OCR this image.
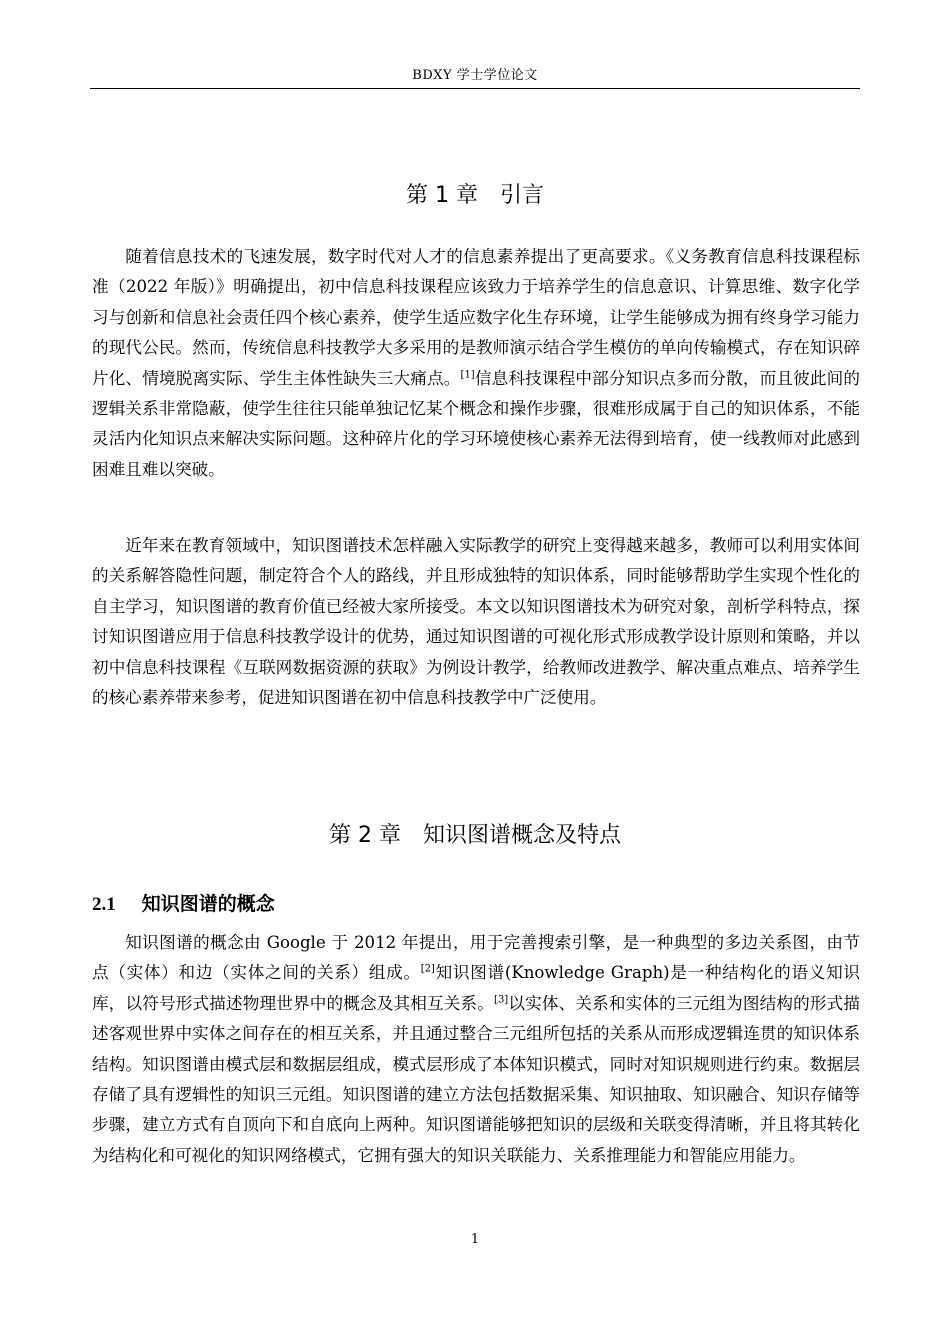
BDXY 学士学位论文
第 1 章　引言

随着信息技术的飞速发展，数字时代对人才的信息素养提出了更高要求。《义务教育信息科技课程标准（2022 年版）》明确提出，初中信息科技课程应该致力于培养学生的信息意识、计算思维、数字化学习与创新和信息社会责任四个核心素养，使学生适应数字化生存环境，让学生能够成为拥有终身学习能力的现代公民。然而，传统信息科技教学大多采用的是教师演示结合学生模仿的单向传输模式，存在知识碎片化、情境脱离实际、学生主体性缺失三大痛点。[1]信息科技课程中部分知识点多而分散，而且彼此间的逻辑关系非常隐蔽，使学生往往只能单独记忆某个概念和操作步骤，很难形成属于自己的知识体系，不能灵活内化知识点来解决实际问题。这种碎片化的学习环境使核心素养无法得到培育，使一线教师对此感到困难且难以突破。

近年来在教育领域中，知识图谱技术怎样融入实际教学的研究上变得越来越多，教师可以利用实体间的关系解答隐性问题，制定符合个人的路线，并且形成独特的知识体系，同时能够帮助学生实现个性化的自主学习，知识图谱的教育价值已经被大家所接受。本文以知识图谱技术为研究对象，剖析学科特点，探讨知识图谱应用于信息科技教学设计的优势，通过知识图谱的可视化形式形成教学设计原则和策略，并以初中信息科技课程《互联网数据资源的获取》为例设计教学，给教师改进教学、解决重点难点、培养学生的核心素养带来参考，促进知识图谱在初中信息科技教学中广泛使用。

第 2 章　知识图谱概念及特点
2.1 知识图谱的概念

知识图谱的概念由 Google 于 2012 年提出，用于完善搜索引擎，是一种典型的多边关系图，由节点（实体）和边（实体之间的关系）组成。[2]知识图谱(Knowledge Graph)是一种结构化的语义知识库，以符号形式描述物理世界中的概念及其相互关系。[3]以实体、关系和实体的三元组为图结构的形式描述客观世界中实体之间存在的相互关系，并且通过整合三元组所包括的关系从而形成逻辑连贯的知识体系结构。知识图谱由模式层和数据层组成，模式层形成了本体知识模式，同时对知识规则进行约束。数据层存储了具有逻辑性的知识三元组。知识图谱的建立方法包括数据采集、知识抽取、知识融合、知识存储等步骤，建立方式有自顶向下和自底向上两种。知识图谱能够把知识的层级和关联变得清晰，并且将其转化为结构化和可视化的知识网络模式，它拥有强大的知识关联能力、关系推理能力和智能应用能力。

1
